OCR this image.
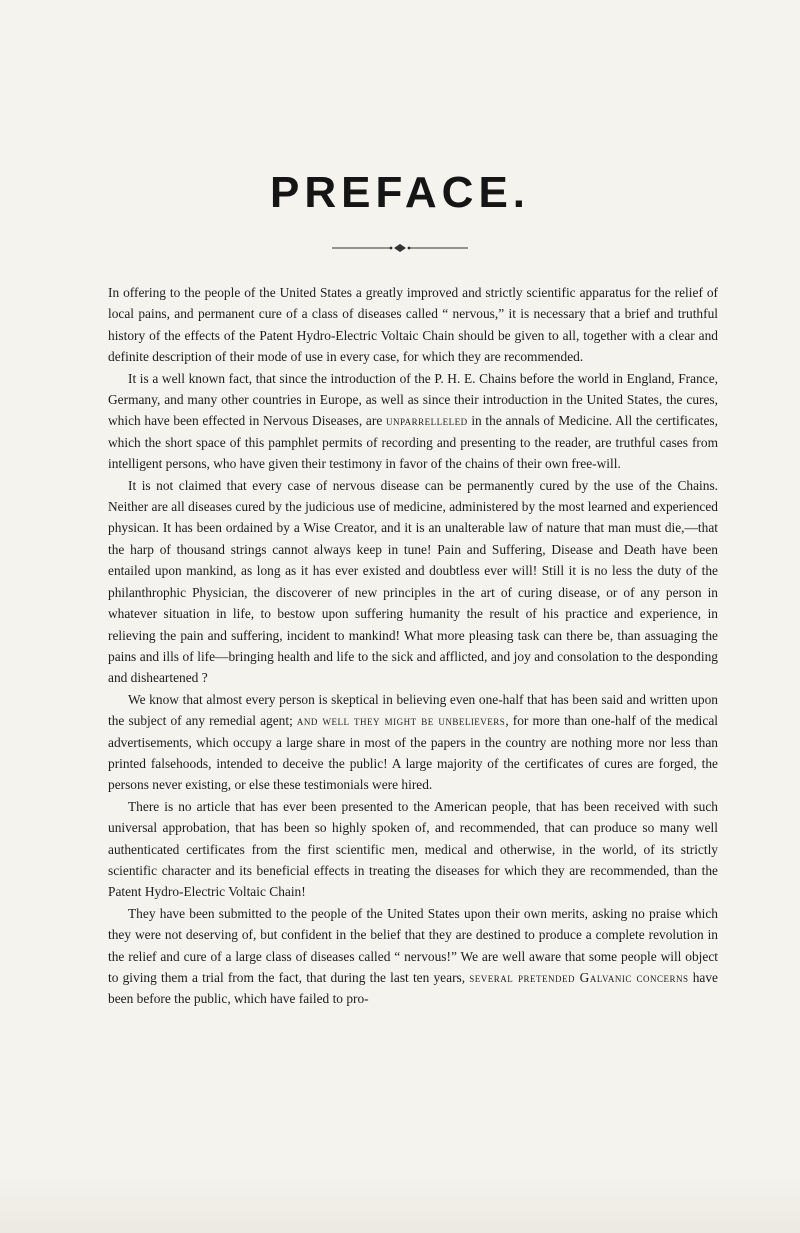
PREFACE.

In offering to the people of the United States a greatly improved and strictly scientific apparatus for the relief of local pains, and permanent cure of a class of diseases called “ nervous,” it is necessary that a brief and truthful history of the effects of the Patent Hydro-Electric Voltaic Chain should be given to all, together with a clear and definite description of their mode of use in every case, for which they are recommended.

It is a well known fact, that since the introduction of the P. H. E. Chains before the world in England, France, Germany, and many other countries in Europe, as well as since their introduction in the United States, the cures, which have been effected in Nervous Diseases, are unparrelleled in the annals of Medicine. All the certificates, which the short space of this pamphlet permits of recording and presenting to the reader, are truthful cases from intelligent persons, who have given their testimony in favor of the chains of their own free-will.

It is not claimed that every case of nervous disease can be permanently cured by the use of the Chains. Neither are all diseases cured by the judicious use of medicine, administered by the most learned and experienced physican. It has been ordained by a Wise Creator, and it is an unalterable law of nature that man must die,—that the harp of thousand strings cannot always keep in tune! Pain and Suffering, Disease and Death have been entailed upon mankind, as long as it has ever existed and doubtless ever will! Still it is no less the duty of the philanthrophic Physician, the discoverer of new principles in the art of curing disease, or of any person in whatever situation in life, to bestow upon suffering humanity the result of his practice and experience, in relieving the pain and suffering, incident to mankind! What more pleasing task can there be, than assuaging the pains and ills of life—bringing health and life to the sick and afflicted, and joy and consolation to the desponding and disheartened ?

We know that almost every person is skeptical in believing even one-half that has been said and written upon the subject of any remedial agent; and well they might be unbelievers, for more than one-half of the medical advertisements, which occupy a large share in most of the papers in the country are nothing more nor less than printed falsehoods, intended to deceive the public! A large majority of the certificates of cures are forged, the persons never existing, or else these testimonials were hired.

There is no article that has ever been presented to the American people, that has been received with such universal approbation, that has been so highly spoken of, and recommended, that can produce so many well authenticated certificates from the first scientific men, medical and otherwise, in the world, of its strictly scientific character and its beneficial effects in treating the diseases for which they are recommended, than the Patent Hydro-Electric Voltaic Chain!

They have been submitted to the people of the United States upon their own merits, asking no praise which they were not deserving of, but confident in the belief that they are destined to produce a complete revolution in the relief and cure of a large class of diseases called “ nervous!” We are well aware that some people will object to giving them a trial from the fact, that during the last ten years, several pretended Galvanic concerns have been before the public, which have failed to pro-
